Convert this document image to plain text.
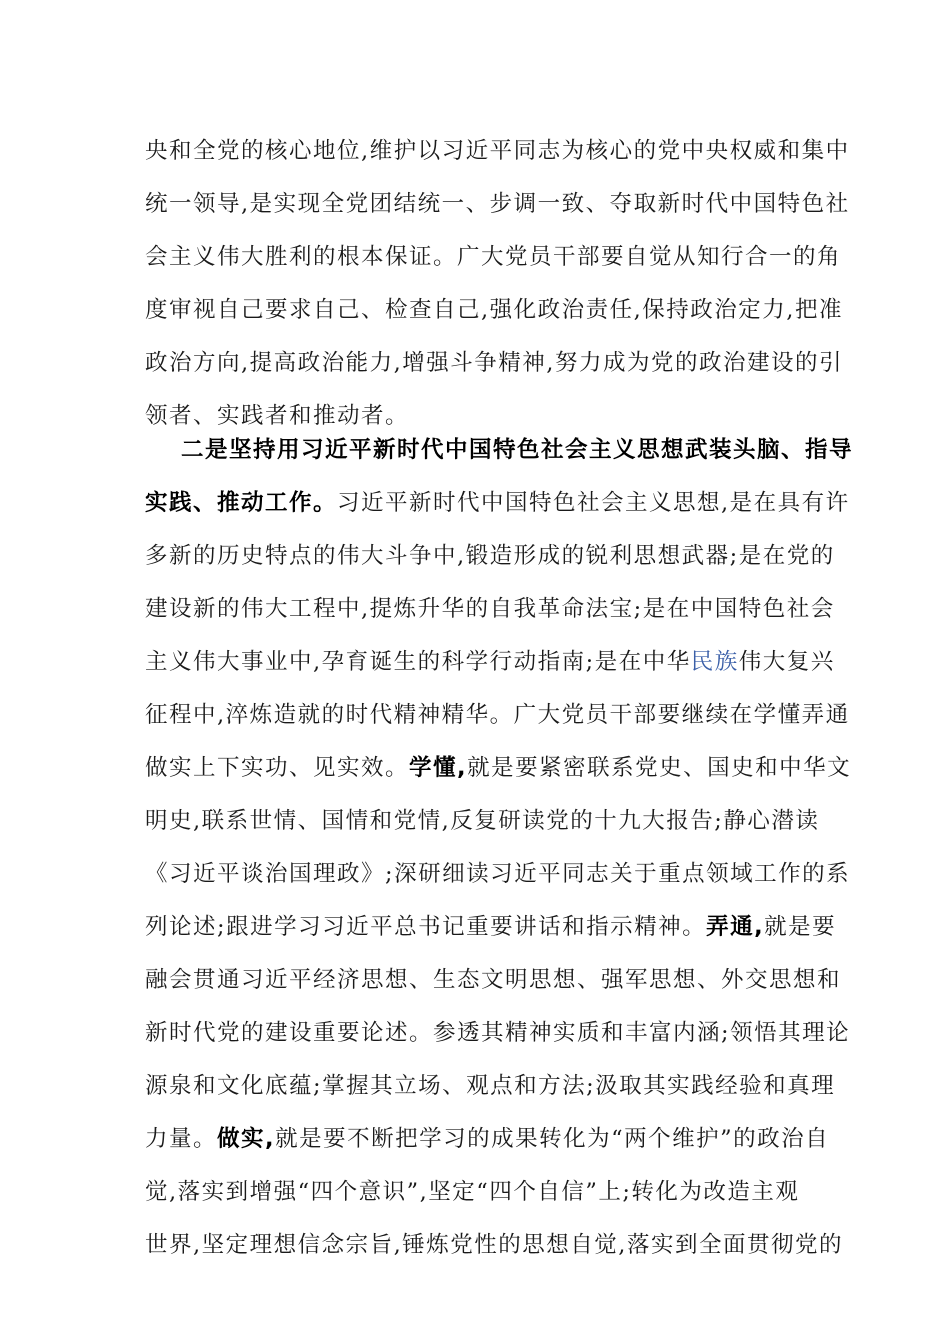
央和全党的核心地位,维护以习近平同志为核心的党中央权威和集中
统一领导,是实现全党团结统一、步调一致、夺取新时代中国特色社
会主义伟大胜利的根本保证。广大党员干部要自觉从知行合一的角
度审视自己要求自己、检查自己,强化政治责任,保持政治定力,把准
政治方向,提高政治能力,增强斗争精神,努力成为党的政治建设的引
领者、实践者和推动者。
二是坚持用习近平新时代中国特色社会主义思想武装头脑、指导
实践、推动工作。习近平新时代中国特色社会主义思想,是在具有许
多新的历史特点的伟大斗争中,锻造形成的锐利思想武器;是在党的
建设新的伟大工程中,提炼升华的自我革命法宝;是在中国特色社会
主义伟大事业中,孕育诞生的科学行动指南;是在中华民族伟大复兴
征程中,淬炼造就的时代精神精华。广大党员干部要继续在学懂弄通
做实上下实功、见实效。学懂,就是要紧密联系党史、国史和中华文
明史,联系世情、国情和党情,反复研读党的十九大报告;静心潜读
《习近平谈治国理政》;深研细读习近平同志关于重点领域工作的系
列论述;跟进学习习近平总书记重要讲话和指示精神。弄通,就是要
融会贯通习近平经济思想、生态文明思想、强军思想、外交思想和
新时代党的建设重要论述。参透其精神实质和丰富内涵;领悟其理论
源泉和文化底蕴;掌握其立场、观点和方法;汲取其实践经验和真理
力量。做实,就是要不断把学习的成果转化为“两个维护”的政治自
觉,落实到增强“四个意识”,坚定“四个自信”上;转化为改造主观
世界,坚定理想信念宗旨,锤炼党性的思想自觉,落实到全面贯彻党的
